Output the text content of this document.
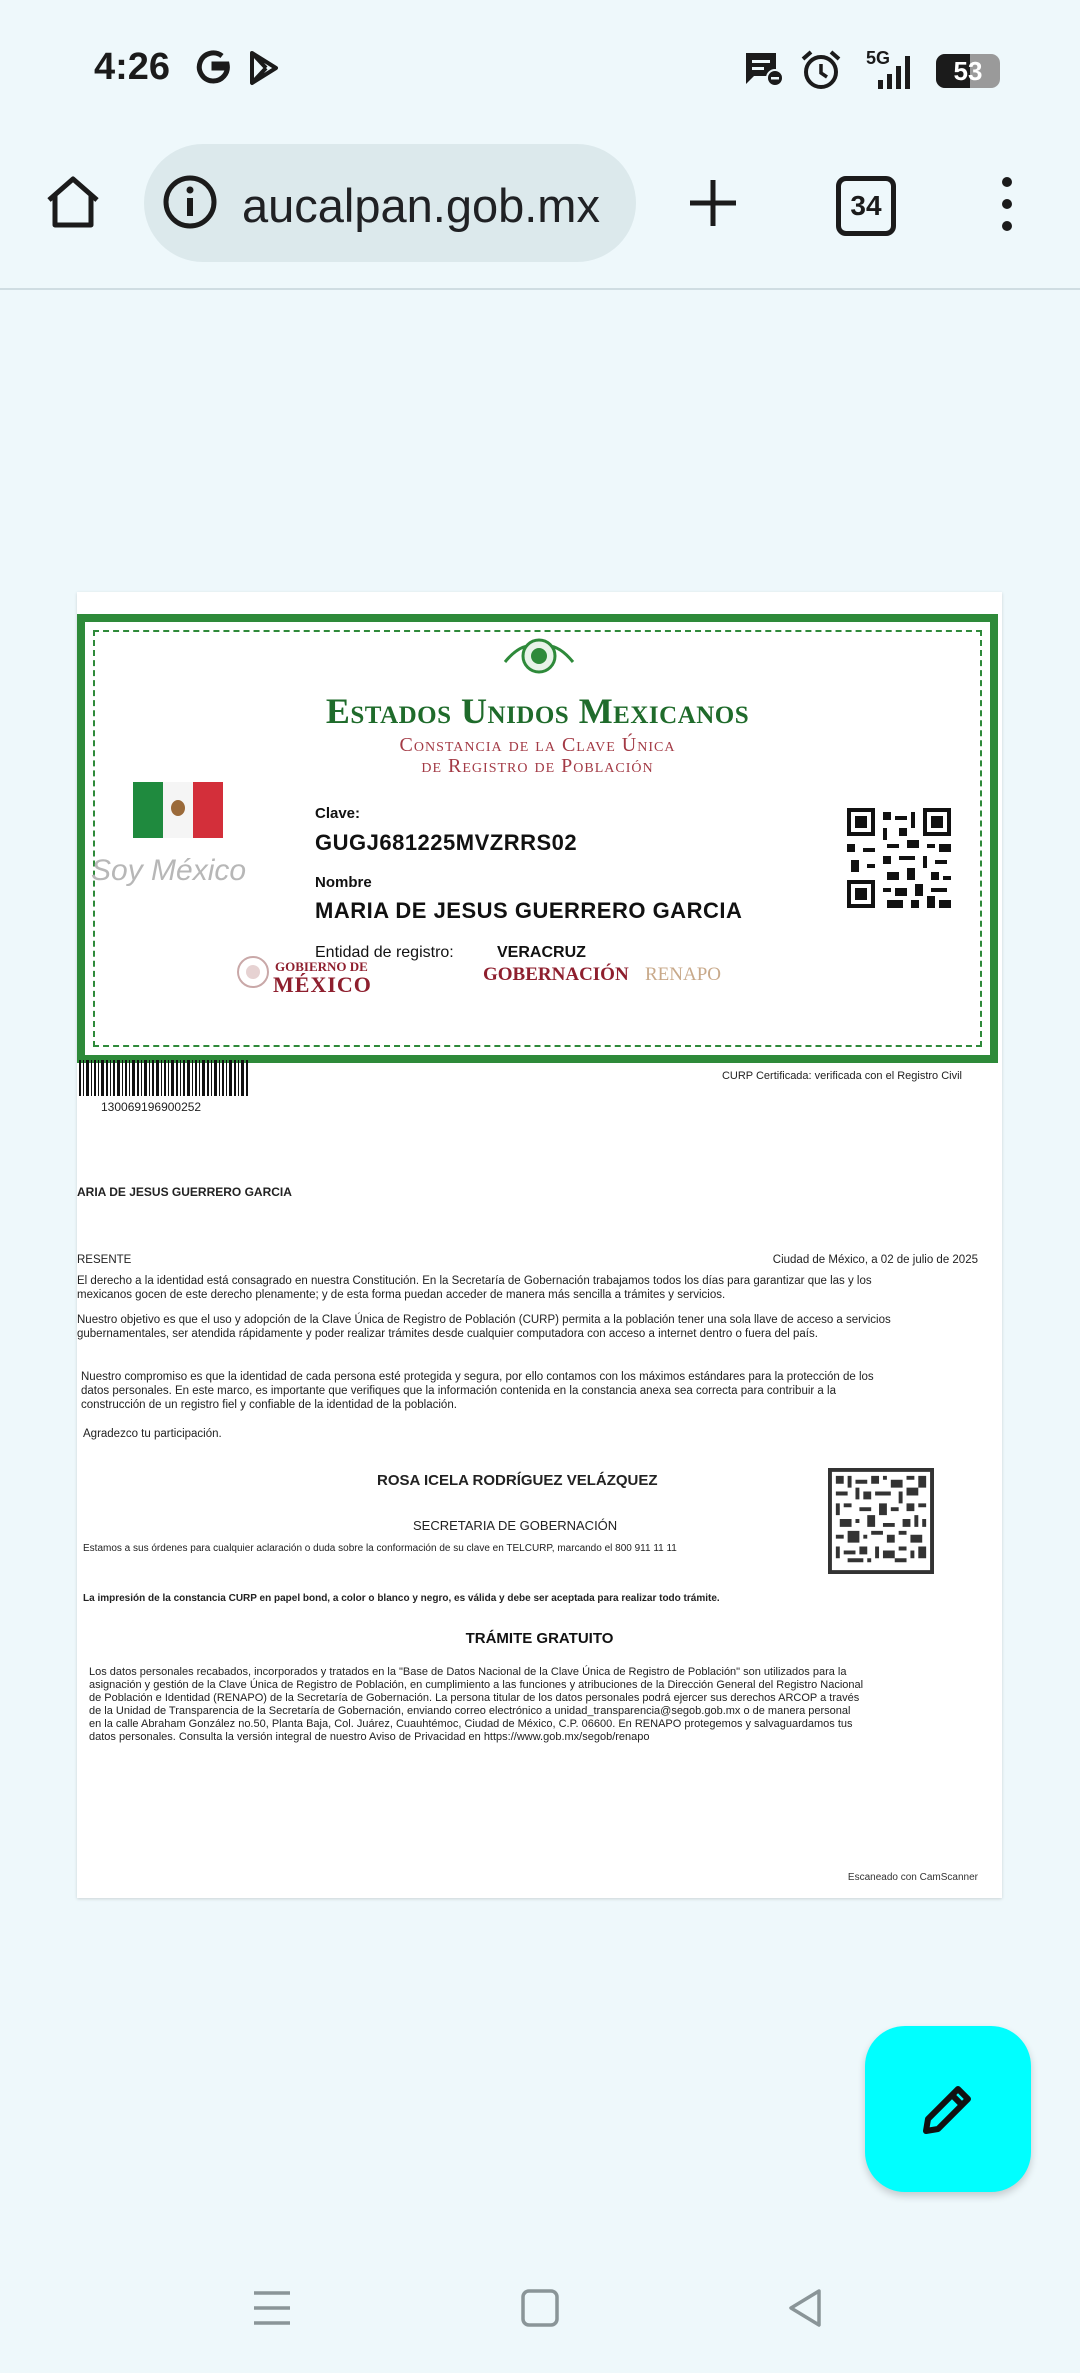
4:26	5G	53
aucalpan.gob.mx	34
Estados Unidos Mexicanos
Constancia de la Clave Única
de Registro de Población
Soy México
Clave:
GUGJ681225MVZRRS02
Nombre
MARIA DE JESUS GUERRERO GARCIA
Entidad de registro:	VERACRUZ
GOBIERNO DE
MÉXICO	GOBERNACIÓN RENAPO
130069196900252
CURP Certificada: verificada con el Registro Civil
ARIA DE JESUS GUERRERO GARCIA
RESENTE	Ciudad de México, a 02 de julio de 2025
El derecho a la identidad está consagrado en nuestra Constitución. En la Secretaría de Gobernación trabajamos todos los días para garantizar que las y los
mexicanos gocen de este derecho plenamente; y de esta forma puedan acceder de manera más sencilla a trámites y servicios.
Nuestro objetivo es que el uso y adopción de la Clave Única de Registro de Población (CURP) permita a la población tener una sola llave de acceso a servicios
gubernamentales, ser atendida rápidamente y poder realizar trámites desde cualquier computadora con acceso a internet dentro o fuera del país.
Nuestro compromiso es que la identidad de cada persona esté protegida y segura, por ello contamos con los máximos estándares para la protección de los
datos personales. En este marco, es importante que verifiques que la información contenida en la constancia anexa sea correcta para contribuir a la
construcción de un registro fiel y confiable de la identidad de la población.
Agradezco tu participación.
ROSA ICELA RODRÍGUEZ VELÁZQUEZ
SECRETARIA DE GOBERNACIÓN
Estamos a sus órdenes para cualquier aclaración o duda sobre la conformación de su clave en TELCURP, marcando el 800 911 11 11
La impresión de la constancia CURP en papel bond, a color o blanco y negro, es válida y debe ser aceptada para realizar todo trámite.
TRÁMITE GRATUITO
Los datos personales recabados, incorporados y tratados en la "Base de Datos Nacional de la Clave Única de Registro de Población" son utilizados para la
asignación y gestión de la Clave Única de Registro de Población, en cumplimiento a las funciones y atribuciones de la Dirección General del Registro Nacional
de Población e Identidad (RENAPO) de la Secretaría de Gobernación. La persona titular de los datos personales podrá ejercer sus derechos ARCOP a través
de la Unidad de Transparencia de la Secretaría de Gobernación, enviando correo electrónico a unidad_transparencia@segob.gob.mx o de manera personal
en la calle Abraham González no.50, Planta Baja, Col. Juárez, Cuauhtémoc, Ciudad de México, C.P. 06600. En RENAPO protegemos y salvaguardamos tus
datos personales. Consulta la versión integral de nuestro Aviso de Privacidad en https://www.gob.mx/segob/renapo
Escaneado con CamScanner
